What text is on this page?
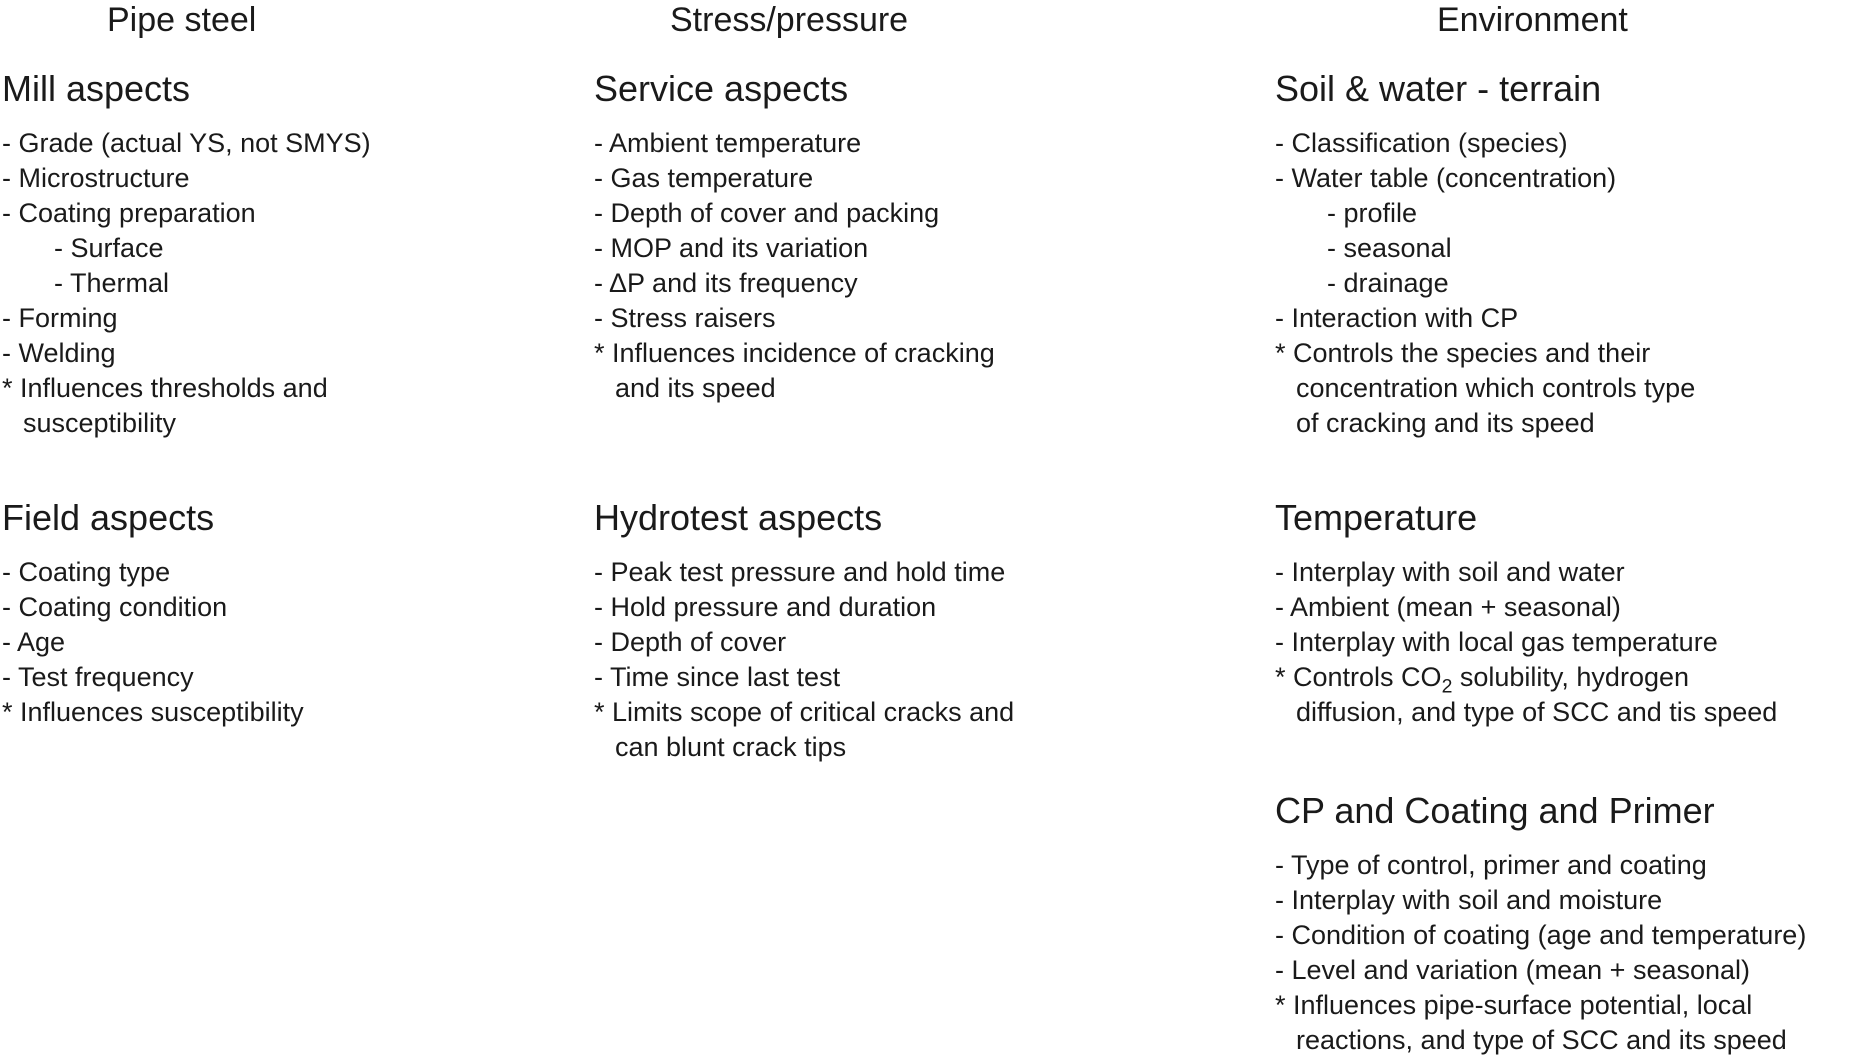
Pipe steel	Stress/pressure	Environment
Mill aspects
- Grade (actual YS, not SMYS)
- Microstructure
- Coating preparation
- Surface
- Thermal
- Forming
- Welding
* Influences thresholds and
susceptibility
Field aspects
- Coating type
- Coating condition
- Age
- Test frequency
* Influences susceptibility
Service aspects
- Ambient temperature
- Gas temperature
- Depth of cover and packing
- MOP and its variation
- ΔP and its frequency
- Stress raisers
* Influences incidence of cracking
and its speed
Hydrotest aspects
- Peak test pressure and hold time
- Hold pressure and duration
- Depth of cover
- Time since last test
* Limits scope of critical cracks and
can blunt crack tips
Soil & water - terrain
- Classification (species)
- Water table (concentration)
- profile
- seasonal
- drainage
- Interaction with CP
* Controls the species and their
concentration which controls type
of cracking and its speed
Temperature
- Interplay with soil and water
- Ambient (mean + seasonal)
- Interplay with local gas temperature
* Controls $CO_2$ solubility, hydrogen
diffusion, and type of SCC and tis speed
CP and Coating and Primer
- Type of control, primer and coating
- Interplay with soil and moisture
- Condition of coating (age and temperature)
- Level and variation (mean + seasonal)
* Influences pipe-surface potential, local
reactions, and type of SCC and its speed
